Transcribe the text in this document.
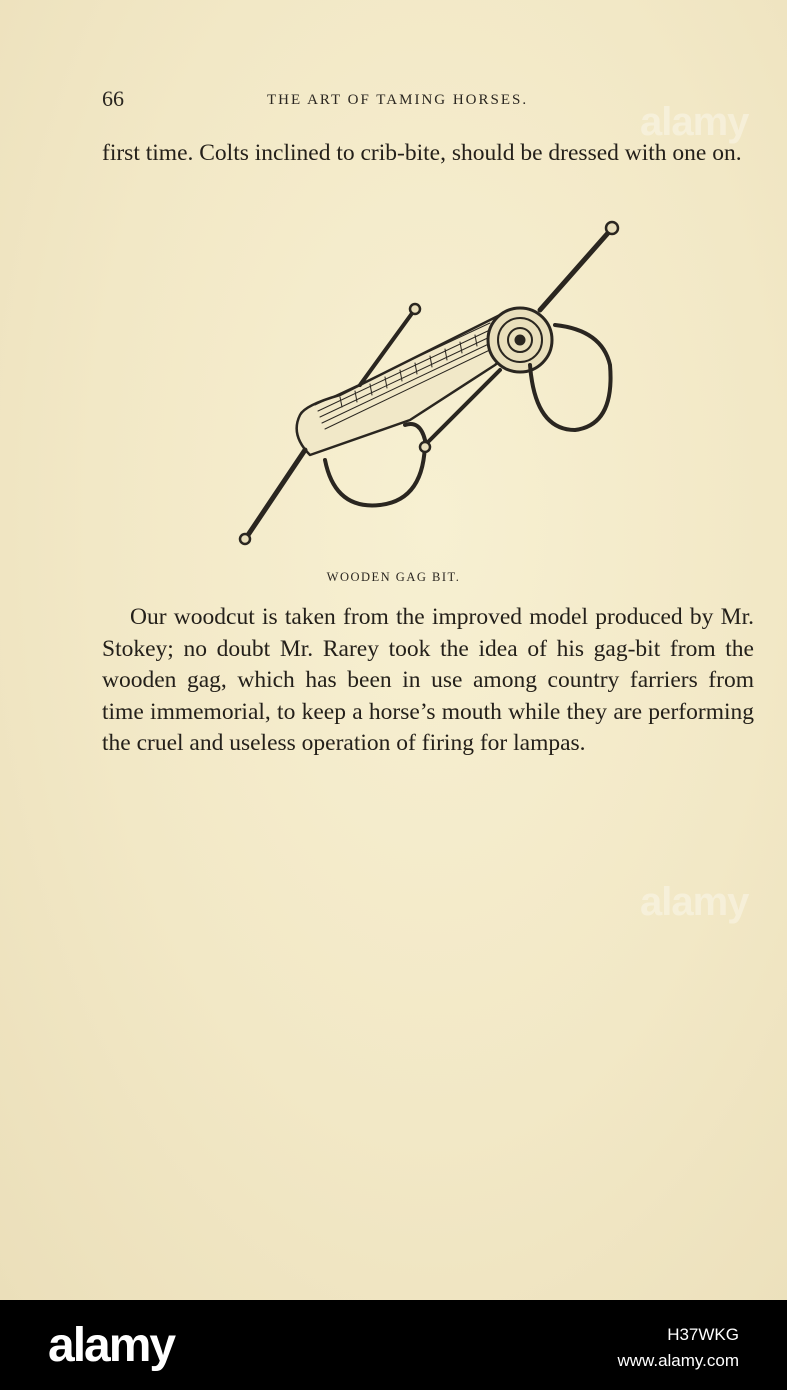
alamy
alamy
66	THE ART OF TAMING HORSES.

first time. Colts inclined to crib-bite, should be dressed with one on.

WOODEN GAG BIT.

Our woodcut is taken from the improved model produced by Mr. Stokey; no doubt Mr. Rarey took the idea of his gag-bit from the wooden gag, which has been in use among country farriers from time immemorial, to keep a horse’s mouth while they are performing the cruel and useless operation of firing for lampas.

alamy	H37WKG
www.alamy.com
